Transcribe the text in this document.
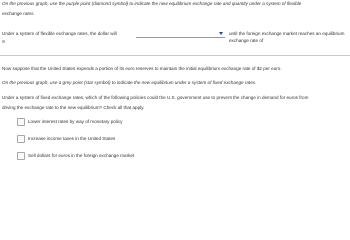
On the previous graph, use the purple point (diamond symbol) to indicate the new equilibrium exchange rate and quantity under a system of flexible
exchange rates.
Under a system of flexible exchange rates, the dollar will	until the foreign exchange market reaches an equilibrium exchange rate of
Now suppose that the United States expends a portion of its euro reserves to maintain the initial equilibrium exchange rate of $2 per euro.
On the previous graph, use a grey point (star symbol) to indicate the new equilibrium under a system of fixed exchange rates.
Under a system of fixed exchange rates, which of the following policies could the U.S. government use to prevent the change in demand for euros from
driving the exchange rate to the new equilibrium? Check all that apply.
Lower interest rates by way of monetary policy
Increase income taxes in the United States
Sell dollars for euros in the foreign exchange market
